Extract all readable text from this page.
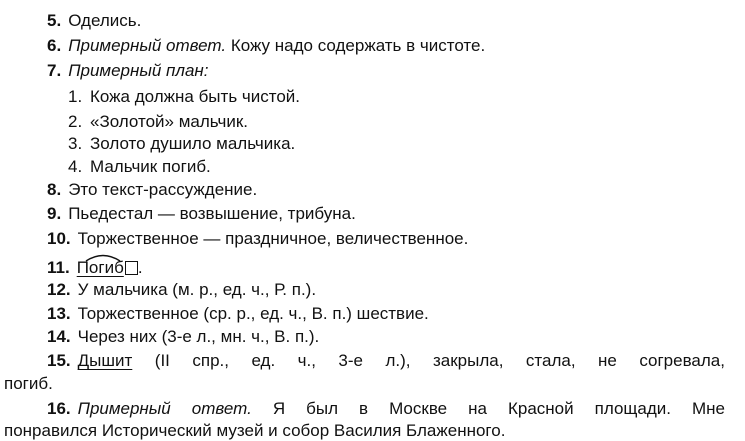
5. Оделись.
6. Примерный ответ. Кожу надо содержать в чистоте.
7. Примерный план:
1. Кожа должна быть чистой.
2. «Золотой» мальчик.
3. Золото душило мальчика.
4. Мальчик погиб.
8. Это текст-рассуждение.
9. Пьедестал — возвышение, трибуна.
10. Торжественное — праздничное, величественное.
11. Погиб .
12. У мальчика (м. р., ед. ч., Р. п.).
13. Торжественное (ср. р., ед. ч., В. п.) шествие.
14. Через них (3-е л., мн. ч., В. п.).
15. Дышит (II спр., ед. ч., 3-е л.), закрыла, стала, не согревала,
погиб.
16. Примерный ответ. Я был в Москве на Красной площади. Мне
понравился Исторический музей и собор Василия Блаженного.
